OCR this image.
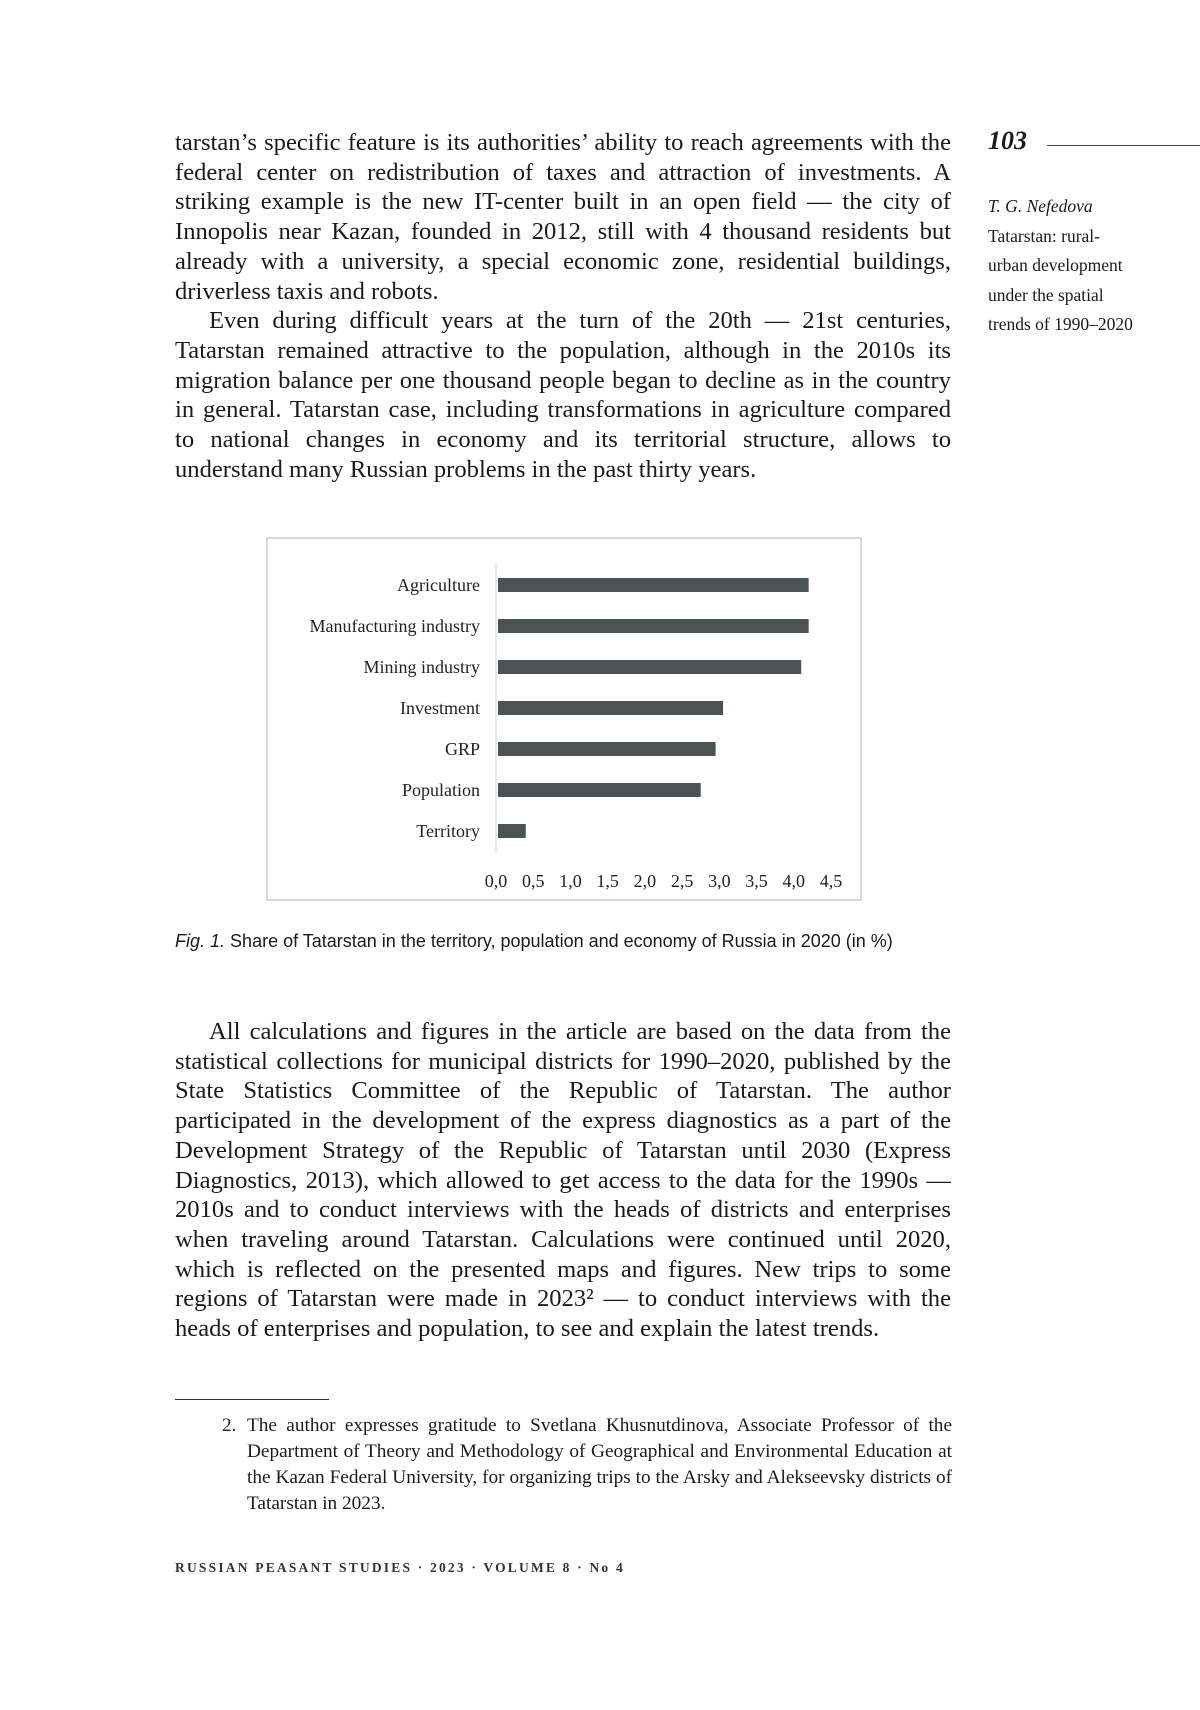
103
T. G. Nefedova
Tatarstan: rural-
urban development
under the spatial
trends of 1990–2020

tarstan’s specific feature is its authorities’ ability to reach agreements with the federal center on redistribution of taxes and attraction of investments. A striking example is the new IT-center built in an open field — the city of Innopolis near Kazan, founded in 2012, still with 4 thousand residents but already with a university, a special economic zone, residential buildings, driverless taxis and robots.

Even during difficult years at the turn of the 20th — 21st centuries, Tatarstan remained attractive to the population, although in the 2010s its migration balance per one thousand people began to decline as in the country in general. Tatarstan case, including transformations in agriculture compared to national changes in economy and its territorial structure, allows to understand many Russian problems in the past thirty years.

Agriculture
Manufacturing industry
Mining industry
Investment
GRP
Population
Territory
0,0 0,5 1,0 1,5 2,0 2,5 3,0 3,5 4,0 4,5
Fig. 1. Share of Tatarstan in the territory, population and economy of Russia in 2020 (in %)

All calculations and figures in the article are based on the data from the statistical collections for municipal districts for 1990–2020, published by the State Statistics Committee of the Republic of Tatarstan. The author participated in the development of the express diagnostics as a part of the Development Strategy of the Republic of Tatarstan until 2030 (Express Diagnostics, 2013), which allowed to get access to the data for the 1990s — 2010s and to conduct interviews with the heads of districts and enterprises when traveling around Tatarstan. Calculations were continued until 2020, which is reflected on the presented maps and figures. New trips to some regions of Tatarstan were made in 2023² — to conduct interviews with the heads of enterprises and population, to see and explain the latest trends.

2. The author expresses gratitude to Svetlana Khusnutdinova, Associate Professor of the Department of Theory and Methodology of Geographical and Environmental Education at the Kazan Federal University, for organizing trips to the Arsky and Alekseevsky districts of Tatarstan in 2023.
RUSSIAN PEASANT STUDIES · 2023 · VOLUME 8 · No 4
